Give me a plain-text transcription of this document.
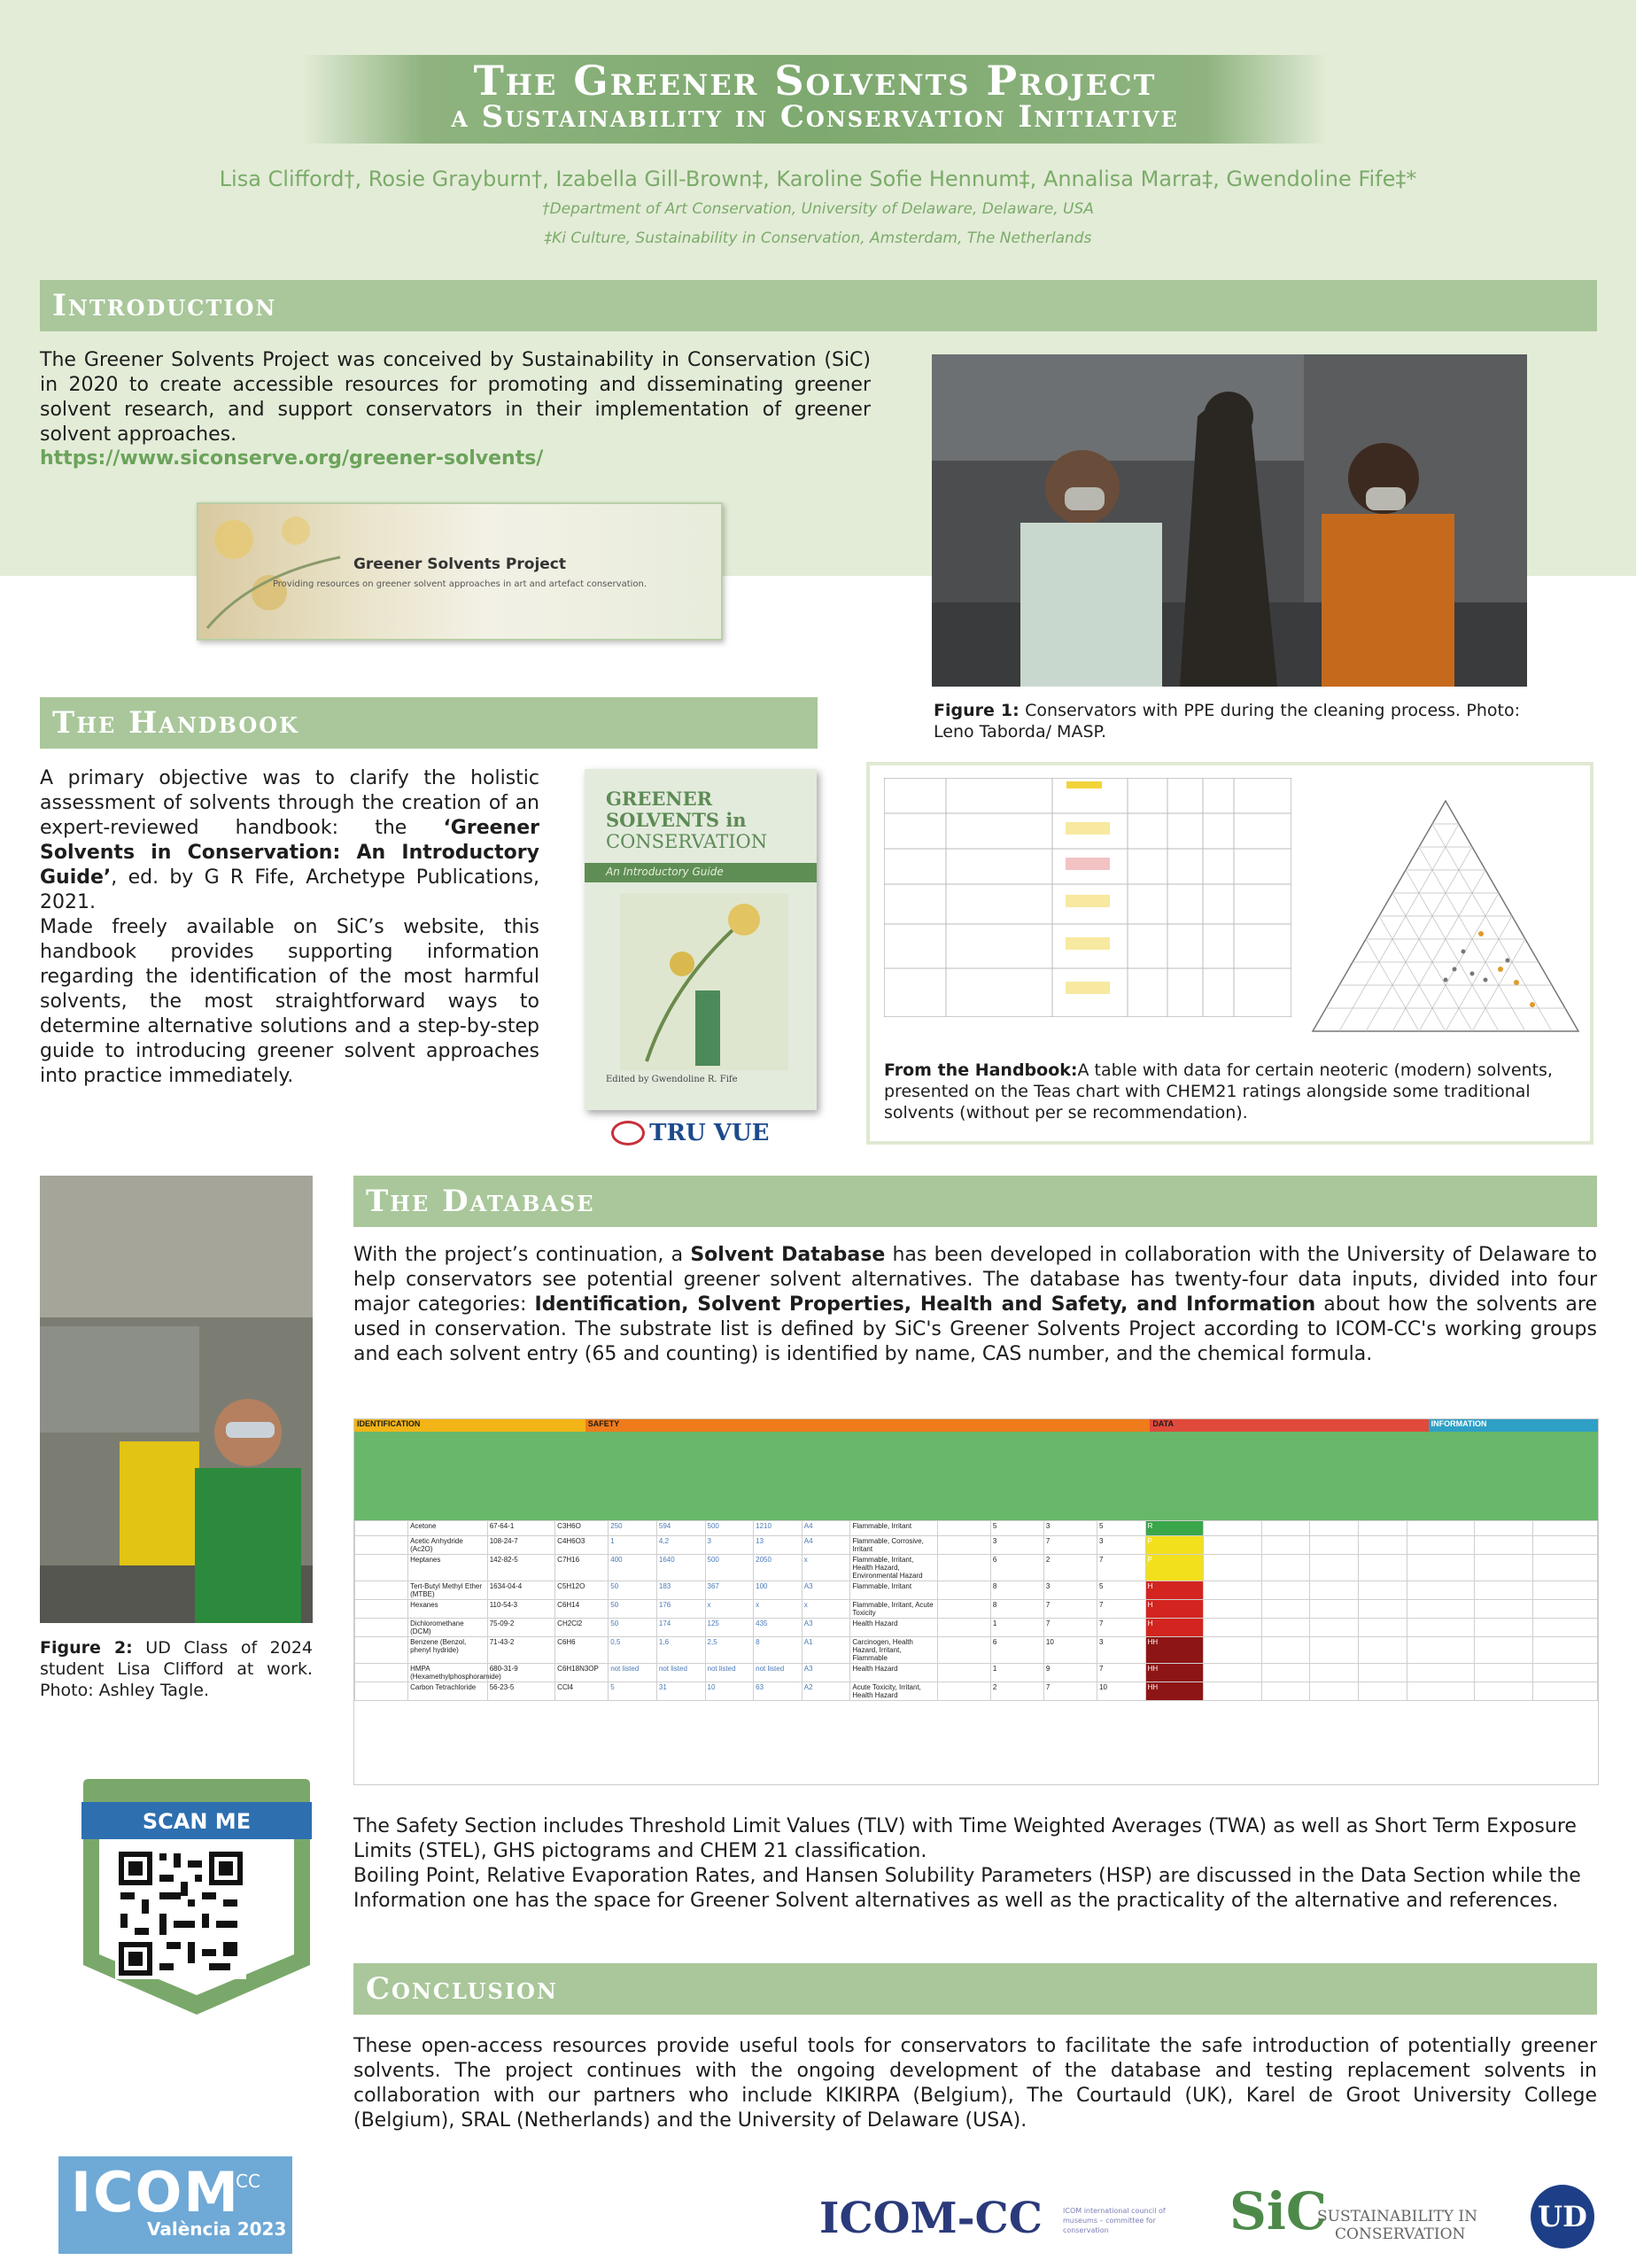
The Greener Solvents Project
a Sustainability in Conservation Initiative
Lisa Clifford†, Rosie Grayburn†, Izabella Gill-Brown‡, Karoline Sofie Hennum‡, Annalisa Marra‡, Gwendoline Fife‡*
†Department of Art Conservation, University of Delaware, Delaware, USA
‡Ki Culture, Sustainability in Conservation, Amsterdam, The Netherlands
Introduction
The Greener Solvents Project was conceived by Sustainability in Conservation (SiC) in 2020 to create accessible resources for promoting and disseminating greener solvent research, and support conservators in their implementation of greener solvent approaches.
https://www.siconserve.org/greener-solvents/
Greener Solvents Project
Providing resources on greener solvent approaches in art and artefact conservation.
Figure 1: Conservators with PPE during the cleaning process. Photo: Leno Taborda/ MASP.
The Handbook
A primary objective was to clarify the holistic assessment of solvents through the creation of an expert-reviewed handbook: the ‘Greener Solvents in Conservation: An Introductory Guide’, ed. by G R Fife, Archetype Publications, 2021.
Made freely available on SiC’s website, this handbook provides supporting information regarding the identification of the most harmful solvents, the most straightforward ways to determine alternative solutions and a step-by-step guide to introducing greener solvent approaches into practice immediately.
GREENER
SOLVENTS in
CONSERVATION
An Introductory Guide
Edited by Gwendoline R. Fife
TRU VUE
From the Handbook:A table with data for certain neoteric (modern) solvents, presented on the Teas chart with CHEM21 ratings alongside some traditional solvents (without per se recommendation).
Figure 2: UD Class of 2024 student Lisa Clifford at work. Photo: Ashley Tagle.
SCAN ME
The Database
With the project’s continuation, a Solvent Database has been developed in collaboration with the University of Delaware to help conservators see potential greener solvent alternatives. The database has twenty-four data inputs, divided into four major categories: Identification, Solvent Properties, Health and Safety, and Information about how the solvents are used in conservation. The substrate list is defined by SiC's Greener Solvents Project according to ICOM-CC's working groups and each solvent entry (65 and counting) is identified by name, CAS number, and the chemical formula.
IDENTIFICATION	SAFETY	DATA	INFORMATION
	Acetone	67-64-1	C3H6O	250	594	500	1210	A4	Flammable, Irritant		5	3	5	R							
	Acetic Anhydride (Ac2O)	108-24-7	C4H6O3	1	4,2	3	13	A4	Flammable, Corrosive, Irritant		3	7	3	P							
	Heptanes	142-82-5	C7H16	400	1640	500	2050	x	Flammable, Irritant, Health Hazard, Environmental Hazard		6	2	7	P							
	Tert-Butyl Methyl Ether (MTBE)	1634-04-4	C5H12O	50	183	367	100	A3	Flammable, Irritant		8	3	5	H							
	Hexanes	110-54-3	C6H14	50	176	x	x	x	Flammable, Irritant, Acute Toxicity		8	7	7	H							
	Dichloromethane (DCM)	75-09-2	CH2Cl2	50	174	125	435	A3	Health Hazard		1	7	7	H							
	Benzene (Benzol, phenyl hydride)	71-43-2	C6H6	0,5	1,6	2,5	8	A1	Carcinogen, Health Hazard, Irritant, Flammable		6	10	3	HH							
	HMPA (Hexamethylphosphoramide)	680-31-9	C6H18N3OP	not listed	not listed	not listed	not listed	A3	Health Hazard		1	9	7	HH							
	Carbon Tetrachloride	56-23-5	CCl4	5	31	10	63	A2	Acute Toxicity, Irritant, Health Hazard		2	7	10	HH							
The Safety Section includes Threshold Limit Values (TLV) with Time Weighted Averages (TWA) as well as Short Term Exposure Limits (STEL), GHS pictograms and CHEM 21 classification.
Boiling Point, Relative Evaporation Rates, and Hansen Solubility Parameters (HSP) are discussed in the Data Section while the Information one has the space for Greener Solvent alternatives as well as the practicality of the alternative and references.
Conclusion
These open-access resources provide useful tools for conservators to facilitate the safe introduction of potentially greener solvents. The project continues with the ongoing development of the database and testing replacement solvents in collaboration with our partners who include KIKIRPA (Belgium), The Courtauld (UK), Karel de Groot University College (Belgium), SRAL (Netherlands) and the University of Delaware (USA).
ICOM
CC
València 2023	ICOM-CC	ICOM international council of museums – committee for conservation	SiC
SUSTAINABILITY IN
CONSERVATION
UD
